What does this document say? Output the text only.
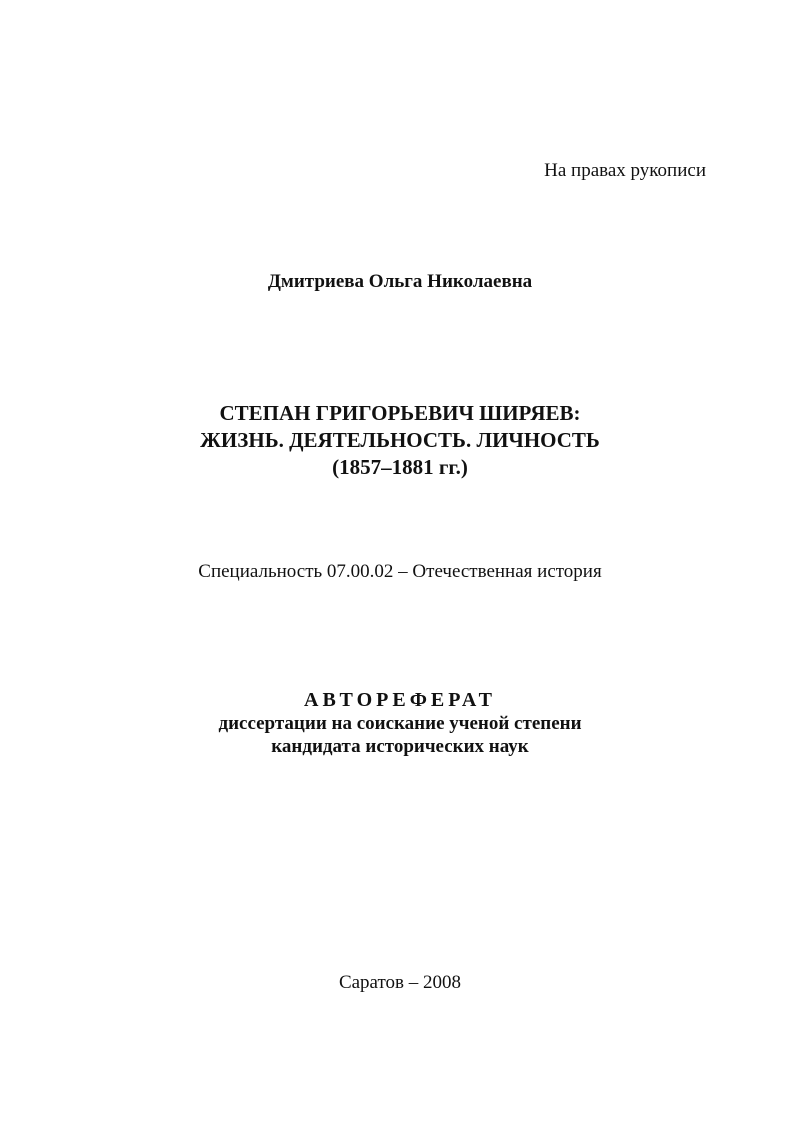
На правах рукописи
Дмитриева Ольга Николаевна
СТЕПАН ГРИГОРЬЕВИЧ ШИРЯЕВ:
ЖИЗНЬ. ДЕЯТЕЛЬНОСТЬ. ЛИЧНОСТЬ
(1857–1881 гг.)
Специальность 07.00.02 – Отечественная история
АВТОРЕФЕРАТ
диссертации на соискание ученой степени
кандидата исторических наук
Саратов – 2008
